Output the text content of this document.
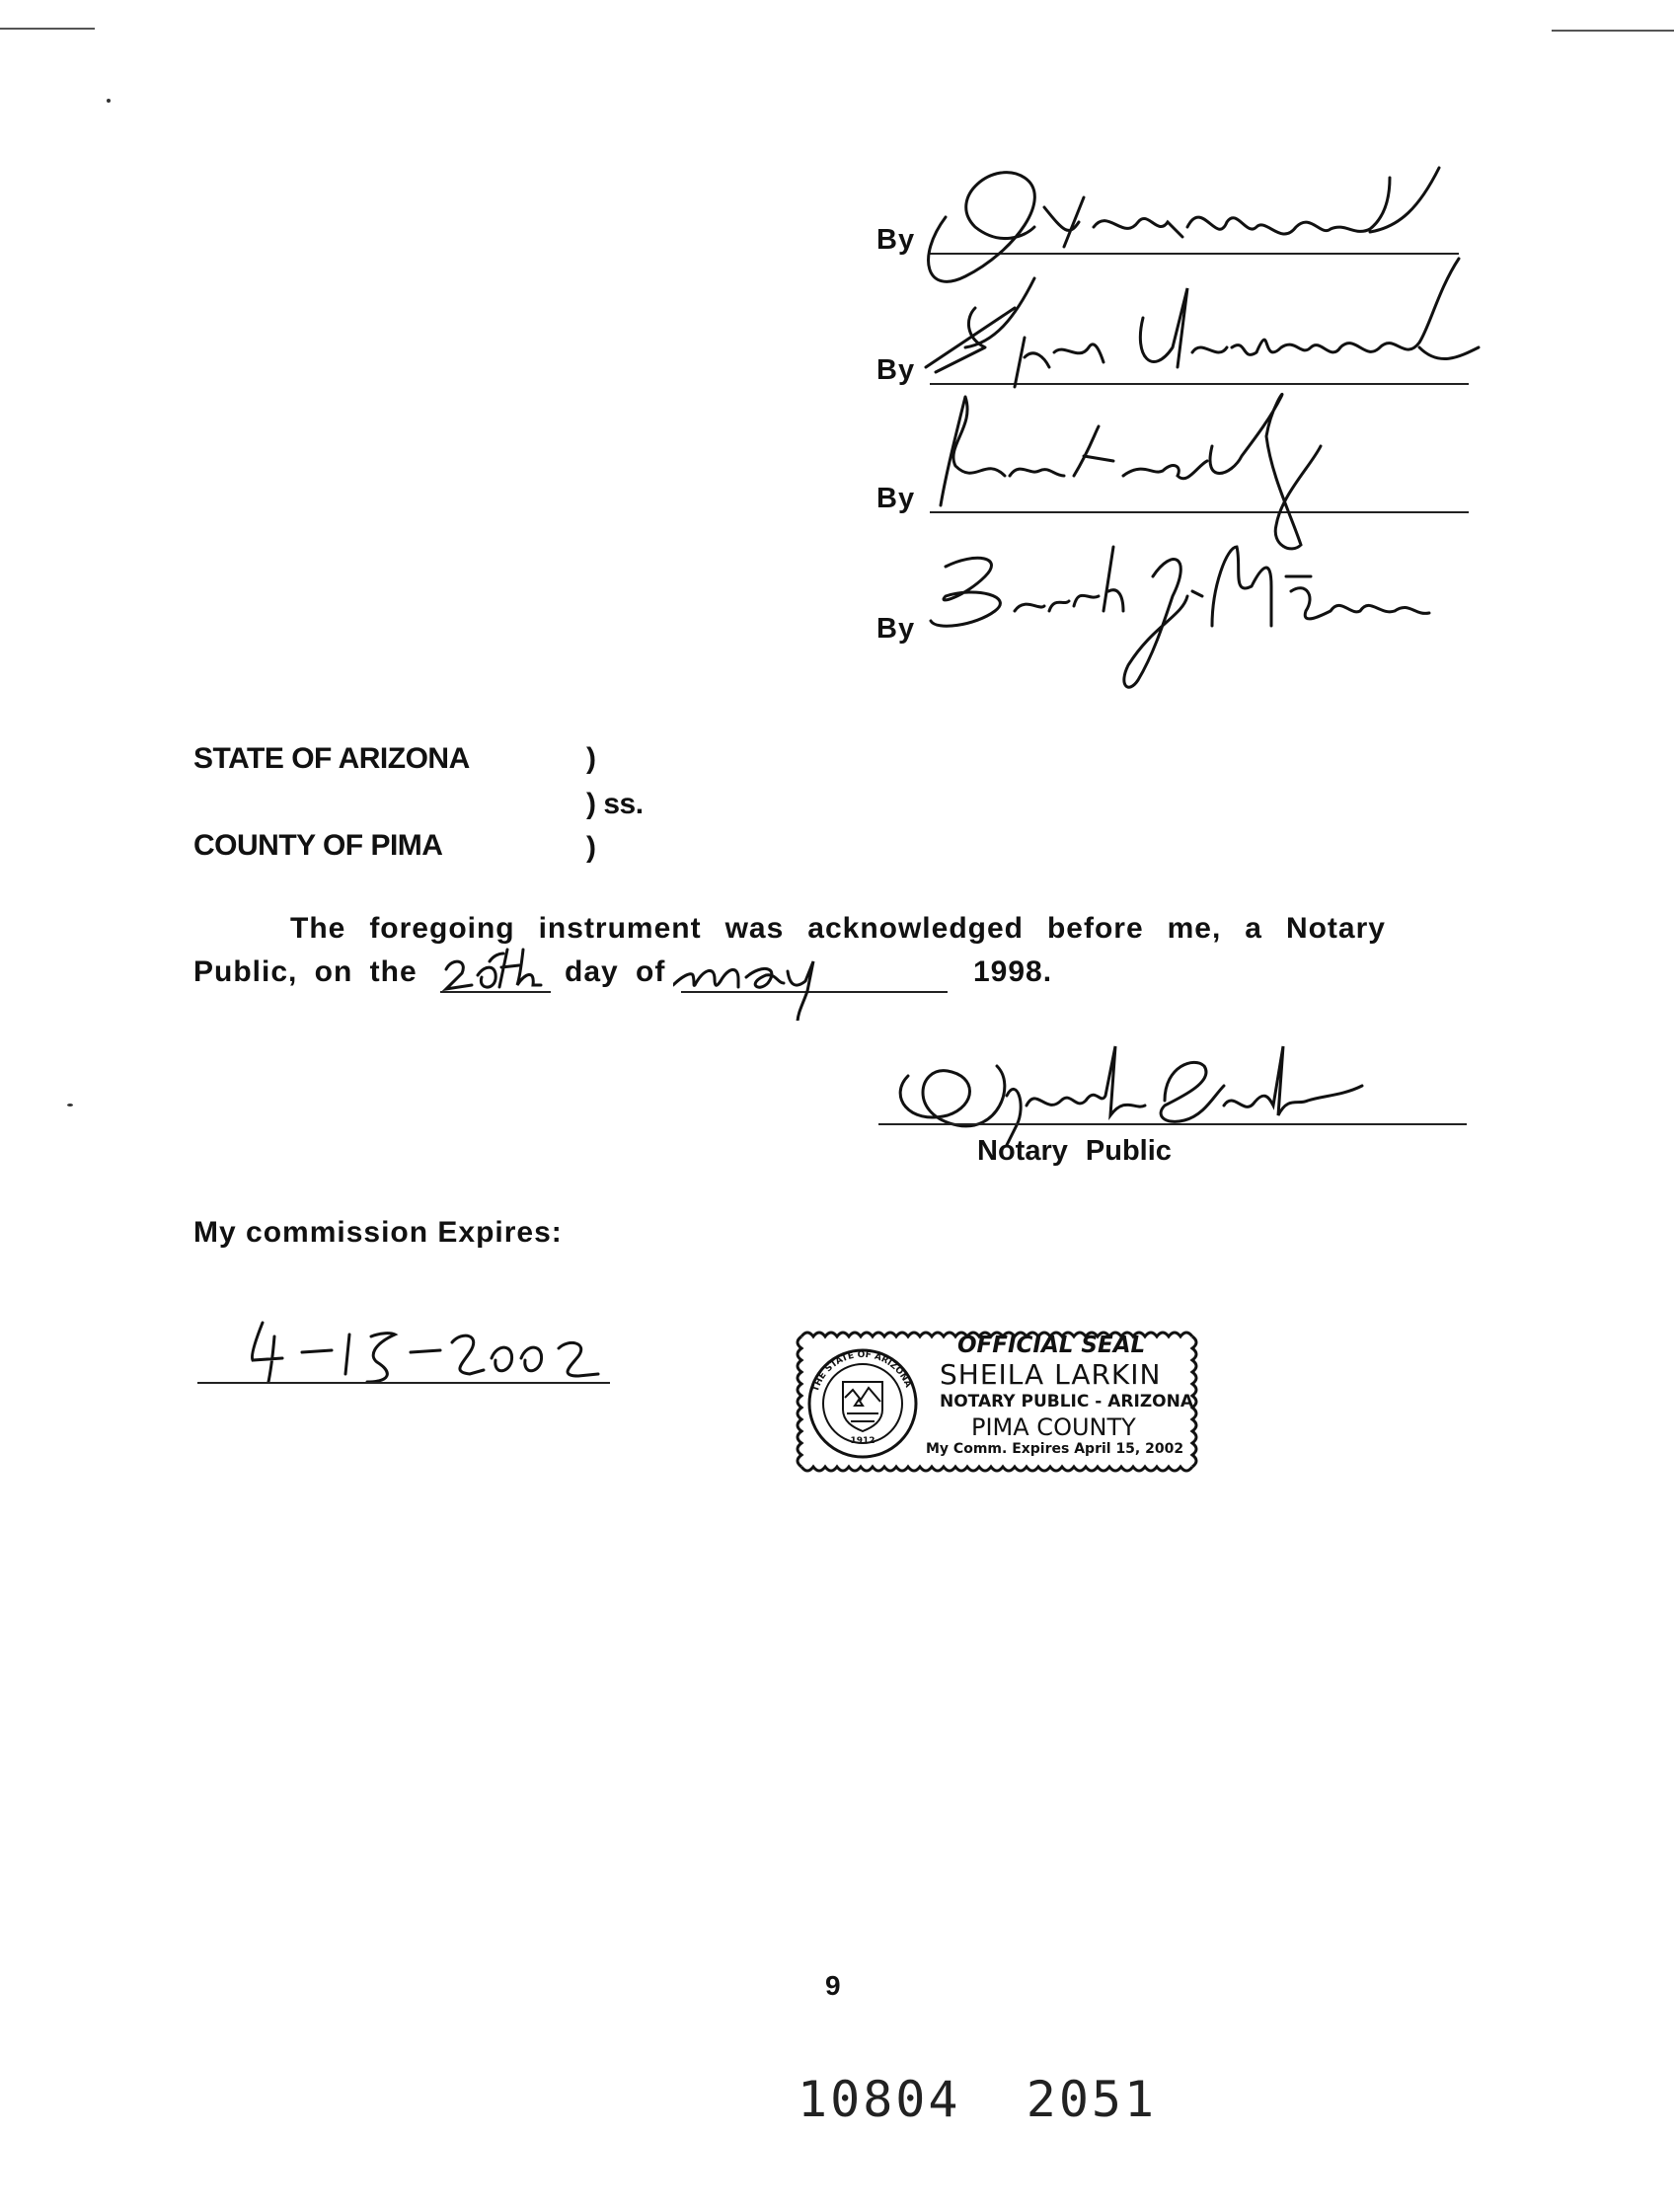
By
By
By
By
STATE OF ARIZONA	)
) ss.
COUNTY OF PIMA	)
The foregoing instrument was acknowledged before me, a Notary
Public, on the	day of	1998.
Notary Public
My commission Expires:
THE STATE OF ARIZONA
1912
OFFICIAL SEAL
SHEILA LARKIN
NOTARY PUBLIC - ARIZONA
PIMA COUNTY
My Comm. Expires April 15, 2002
9
10804  2051
